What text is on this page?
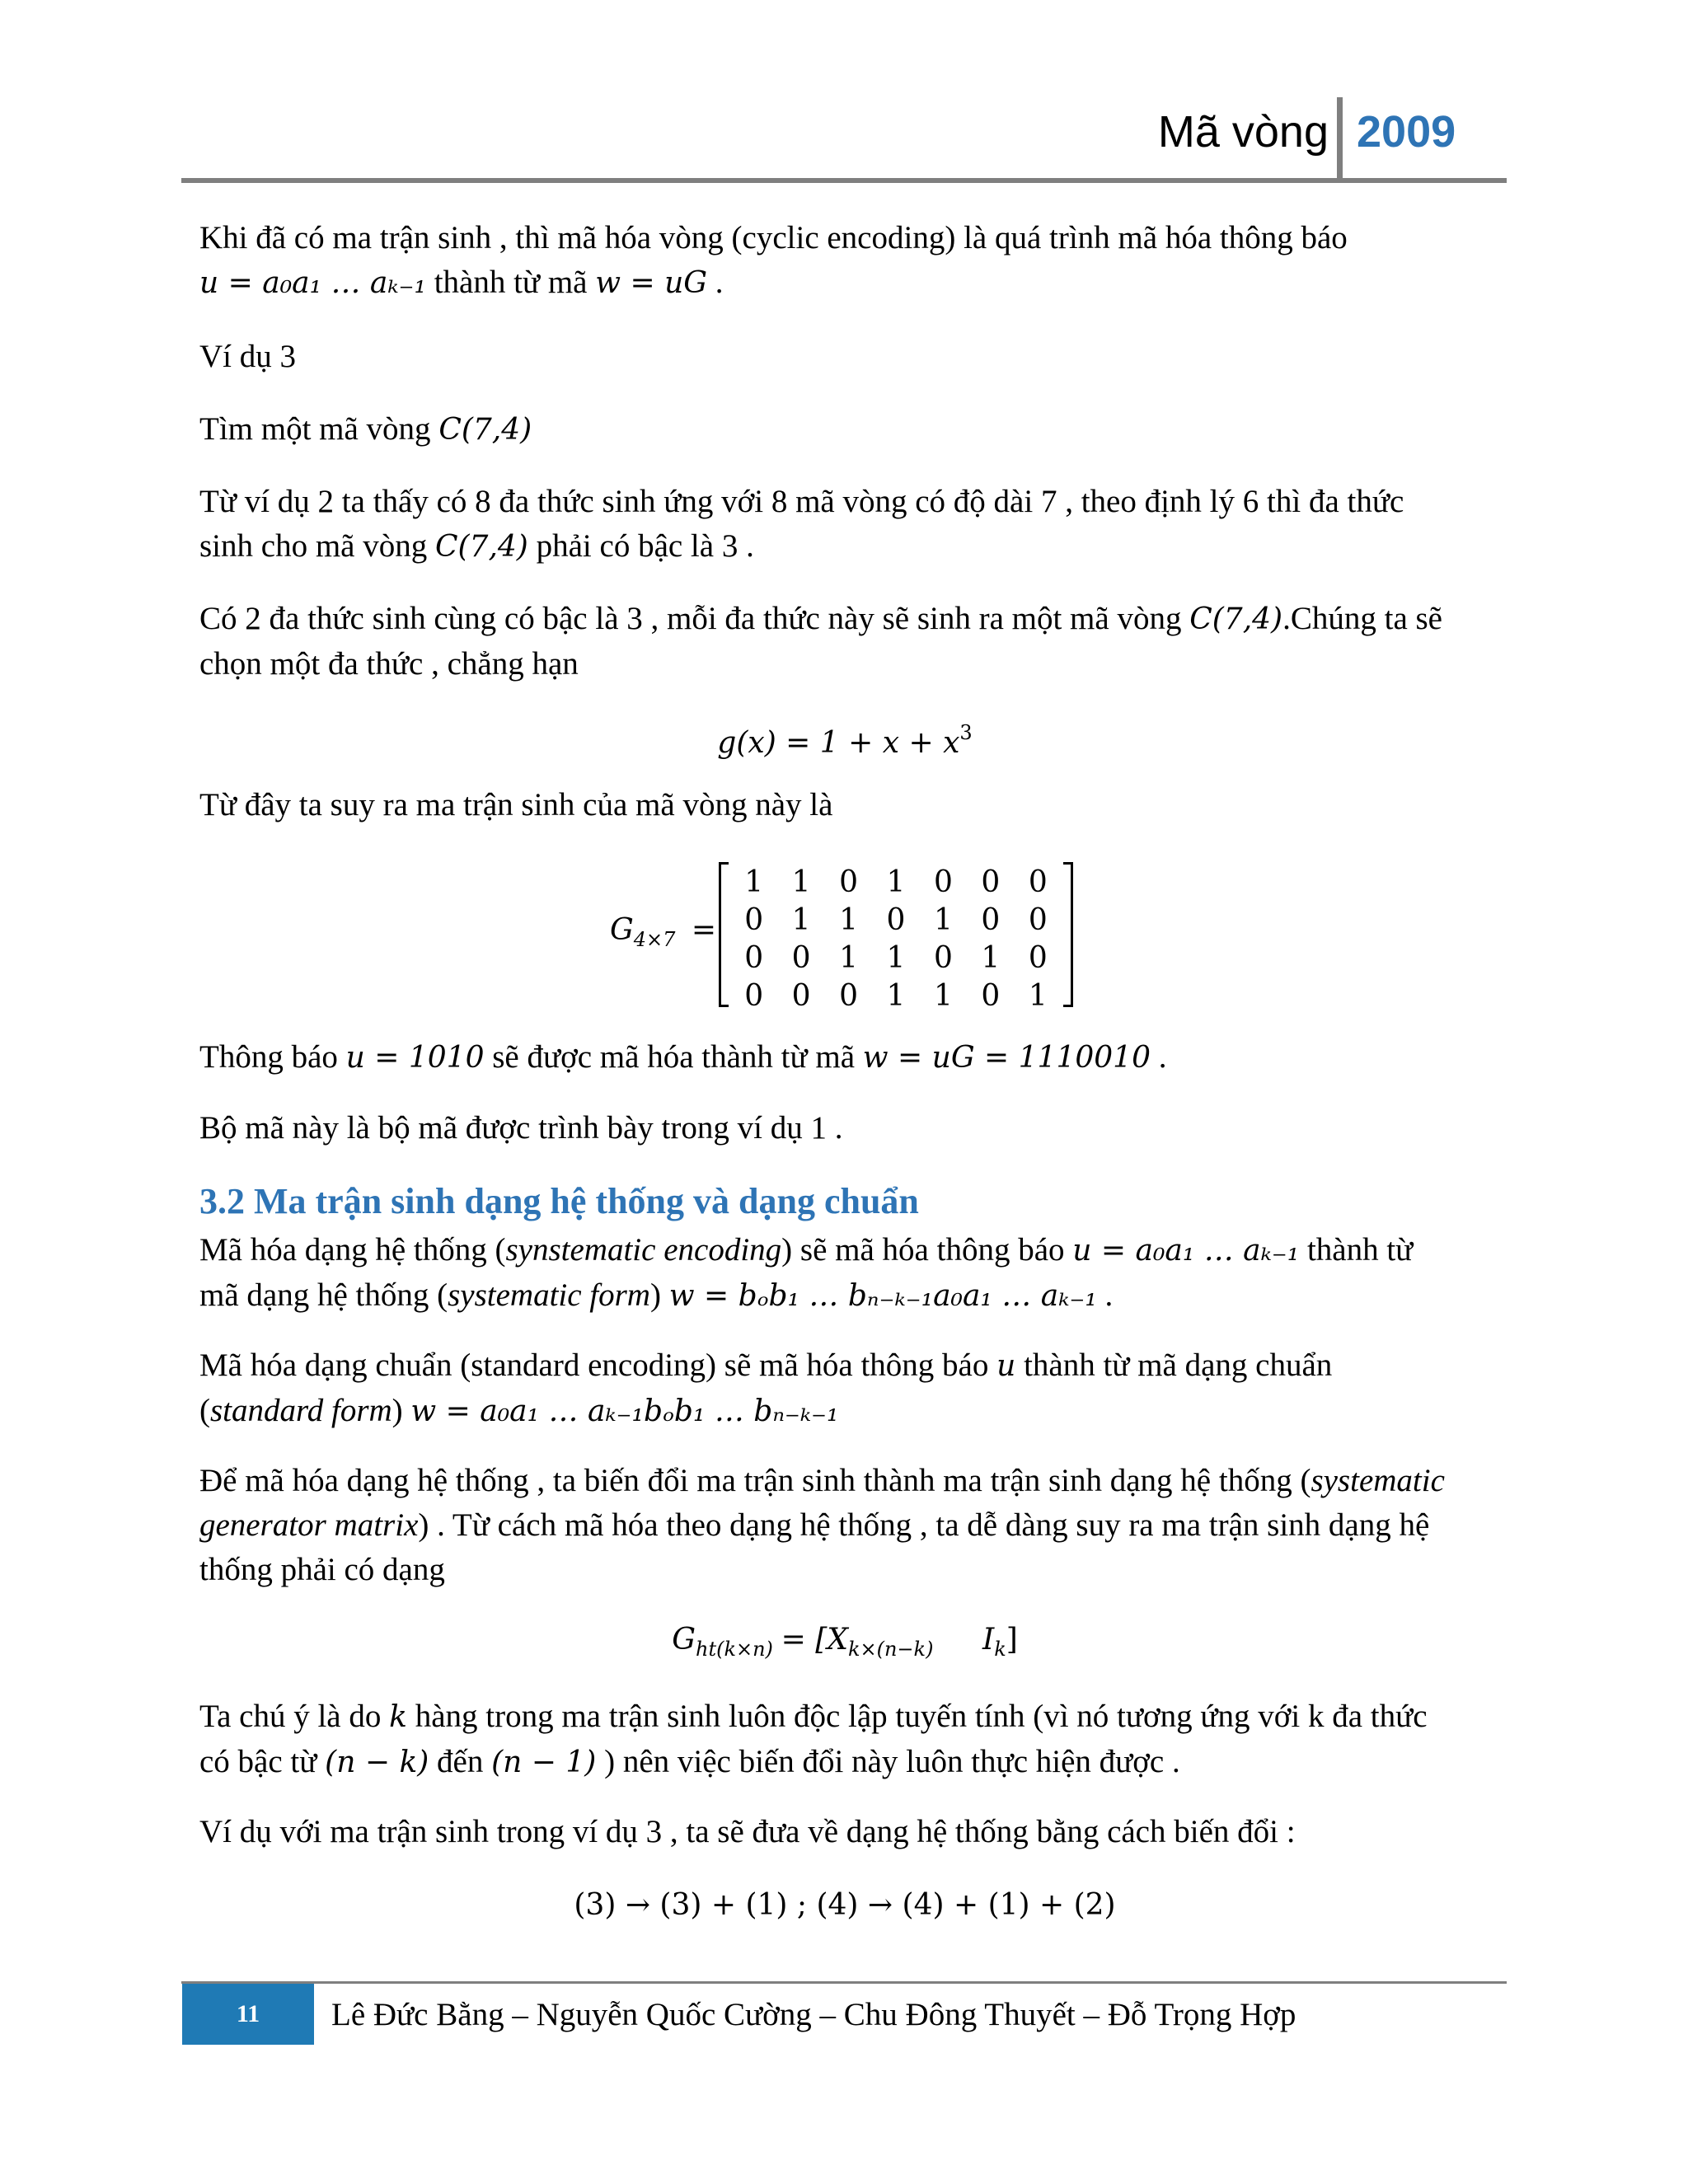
Mã vòng 2009
Khi đã có ma trận sinh , thì mã hóa vòng (cyclic encoding) là quá trình mã hóa thông báo
u = a₀a₁ … aₖ₋₁ thành từ mã w = uG .
Ví dụ 3
Tìm một mã vòng C(7,4)
Từ ví dụ 2 ta thấy có 8 đa thức sinh ứng với 8 mã vòng có độ dài 7 , theo định lý 6 thì đa thức
sinh cho mã vòng C(7,4) phải có bậc là 3 .
Có 2 đa thức sinh cùng có bậc là 3 , mỗi đa thức này sẽ sinh ra một mã vòng C(7,4).Chúng ta sẽ
chọn một đa thức , chẳng hạn
$g(x) = 1 + x + x^3$
Từ đây ta suy ra ma trận sinh của mã vòng này là
$G_{4\times 7}$ =
1 1 0 1 0 0 0
0 1 1 0 1 0 0
0 0 1 1 0 1 0
0 0 0 1 1 0 1
Thông báo u = 1010 sẽ được mã hóa thành từ mã w = uG = 1110010 .
Bộ mã này là bộ mã được trình bày trong ví dụ 1 .
3.2 Ma trận sinh dạng hệ thống và dạng chuẩn
Mã hóa dạng hệ thống (synstematic encoding) sẽ mã hóa thông báo u = a₀a₁ … aₖ₋₁ thành từ
mã dạng hệ thống (systematic form) w = bₒb₁ … bₙ₋ₖ₋₁a₀a₁ … aₖ₋₁ .
Mã hóa dạng chuẩn (standard encoding) sẽ mã hóa thông báo u thành từ mã dạng chuẩn
(standard form) w = a₀a₁ … aₖ₋₁bₒb₁ … bₙ₋ₖ₋₁
Để mã hóa dạng hệ thống , ta biến đổi ma trận sinh thành ma trận sinh dạng hệ thống (systematic
generator matrix) . Từ cách mã hóa theo dạng hệ thống , ta dễ dàng suy ra ma trận sinh dạng hệ
thống phải có dạng
$G_{ht(k\times n)} = [X_{k\times(n-k)}$ $I_k$]
Ta chú ý là do k hàng trong ma trận sinh luôn độc lập tuyến tính (vì nó tương ứng với k đa thức
có bậc từ (n − k) đến (n − 1) ) nên việc biến đổi này luôn thực hiện được .
Ví dụ với ma trận sinh trong ví dụ 3 , ta sẽ đưa về dạng hệ thống bằng cách biến đổi :
(3) → (3) + (1) ; (4) → (4) + (1) + (2)
11	Lê Đức Bằng – Nguyễn Quốc Cường – Chu Đông Thuyết – Đỗ Trọng Hợp
